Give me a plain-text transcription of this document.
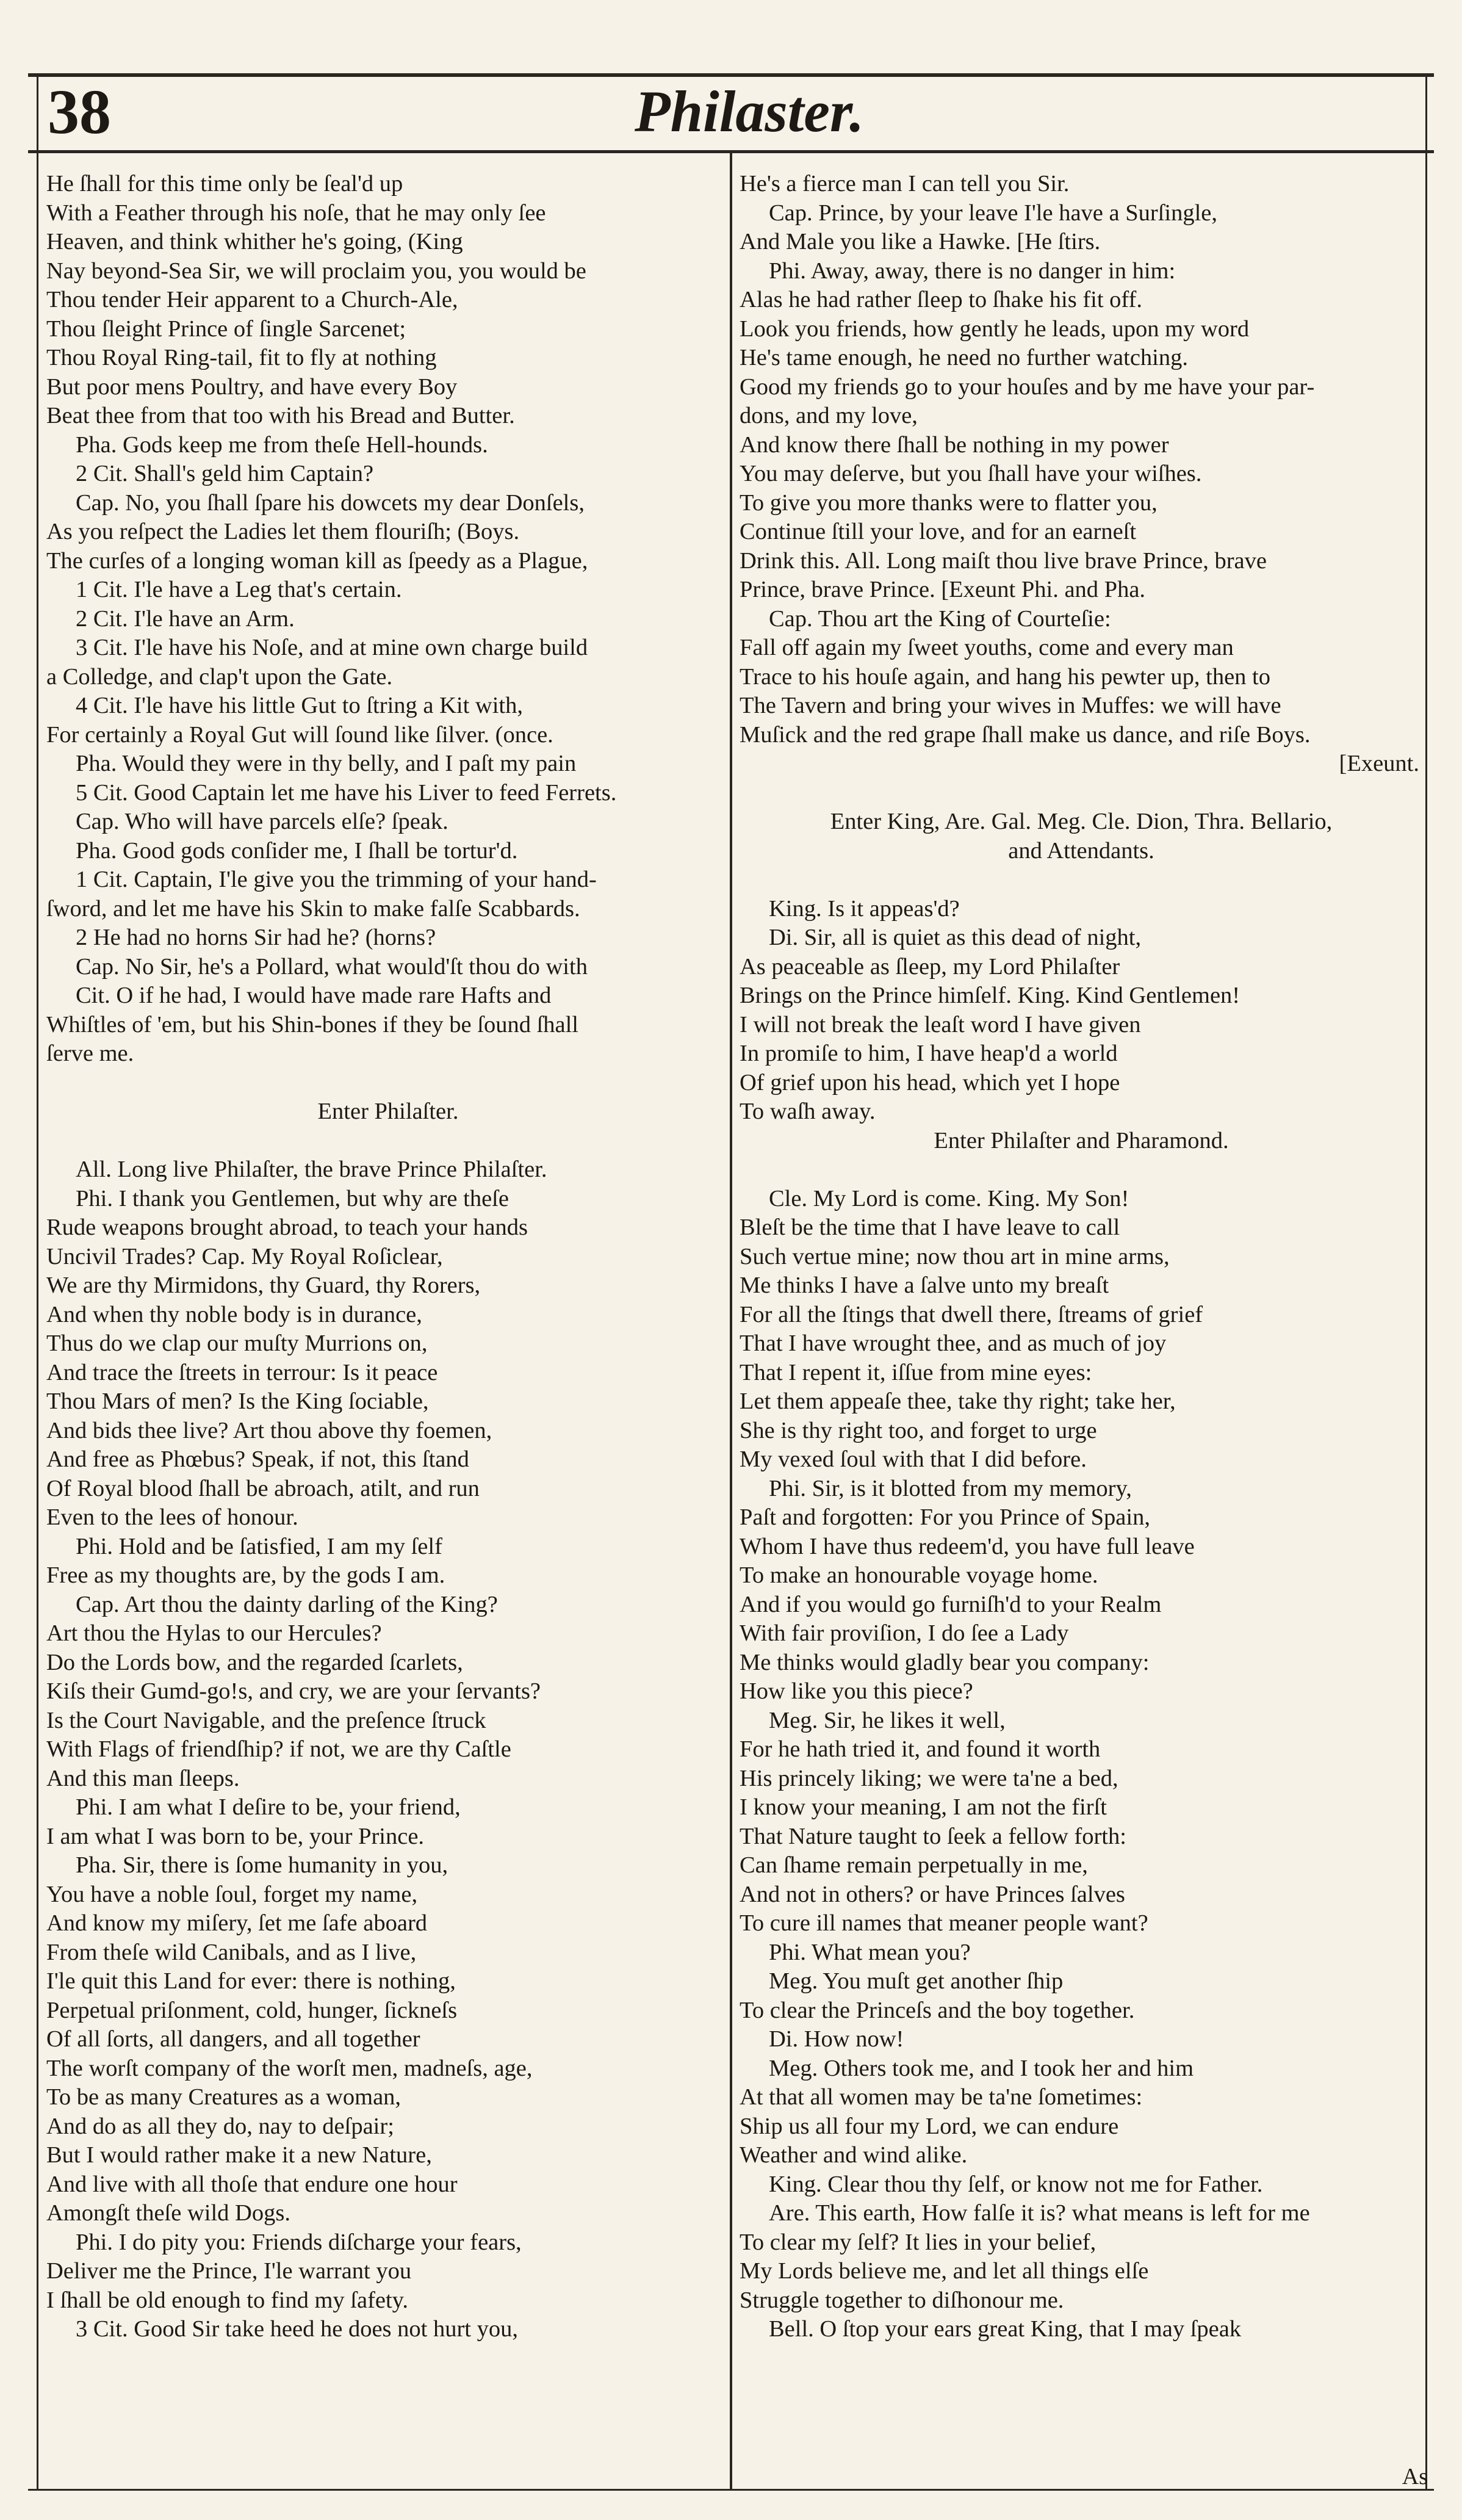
38	Philaster.
He ſhall for this time only be ſeal'd up
With a Feather through his noſe, that he may only ſee
Heaven, and think whither he's going, (King
Nay beyond-Sea Sir, we will proclaim you, you would be
Thou tender Heir apparent to a Church-Ale,
Thou ſleight Prince of ſingle Sarcenet;
Thou Royal Ring-tail, fit to fly at nothing
But poor mens Poultry, and have every Boy
Beat thee from that too with his Bread and Butter.
Pha. Gods keep me from theſe Hell-hounds.
2 Cit. Shall's geld him Captain?
Cap. No, you ſhall ſpare his dowcets my dear Donſels,
As you reſpect the Ladies let them flouriſh; (Boys.
The curſes of a longing woman kill as ſpeedy as a Plague,
1 Cit. I'le have a Leg that's certain.
2 Cit. I'le have an Arm.
3 Cit. I'le have his Noſe, and at mine own charge build
a Colledge, and clap't upon the Gate.
4 Cit. I'le have his little Gut to ſtring a Kit with,
For certainly a Royal Gut will ſound like ſilver. (once.
Pha. Would they were in thy belly, and I paſt my pain
5 Cit. Good Captain let me have his Liver to feed Ferrets.
Cap. Who will have parcels elſe? ſpeak.
Pha. Good gods conſider me, I ſhall be tortur'd.
1 Cit. Captain, I'le give you the trimming of your hand-
ſword, and let me have his Skin to make falſe Scabbards.
2 He had no horns Sir had he? (horns?
Cap. No Sir, he's a Pollard, what would'ſt thou do with
Cit. O if he had, I would have made rare Hafts and
Whiſtles of 'em, but his Shin-bones if they be ſound ſhall
ſerve me.
Enter Philaſter.
All. Long live Philaſter, the brave Prince Philaſter.
Phi. I thank you Gentlemen, but why are theſe
Rude weapons brought abroad, to teach your hands
Uncivil Trades? Cap. My Royal Roſiclear,
We are thy Mirmidons, thy Guard, thy Rorers,
And when thy noble body is in durance,
Thus do we clap our muſty Murrions on,
And trace the ſtreets in terrour: Is it peace
Thou Mars of men? Is the King ſociable,
And bids thee live? Art thou above thy foemen,
And free as Phœbus? Speak, if not, this ſtand
Of Royal blood ſhall be abroach, atilt, and run
Even to the lees of honour.
Phi. Hold and be ſatisfied, I am my ſelf
Free as my thoughts are, by the gods I am.
Cap. Art thou the dainty darling of the King?
Art thou the Hylas to our Hercules?
Do the Lords bow, and the regarded ſcarlets,
Kiſs their Gumd-go!s, and cry, we are your ſervants?
Is the Court Navigable, and the preſence ſtruck
With Flags of friendſhip? if not, we are thy Caſtle
And this man ſleeps.
Phi. I am what I deſire to be, your friend,
I am what I was born to be, your Prince.
Pha. Sir, there is ſome humanity in you,
You have a noble ſoul, forget my name,
And know my miſery, ſet me ſafe aboard
From theſe wild Canibals, and as I live,
I'le quit this Land for ever: there is nothing,
Perpetual priſonment, cold, hunger, ſickneſs
Of all ſorts, all dangers, and all together
The worſt company of the worſt men, madneſs, age,
To be as many Creatures as a woman,
And do as all they do, nay to deſpair;
But I would rather make it a new Nature,
And live with all thoſe that endure one hour
Amongſt theſe wild Dogs.
Phi. I do pity you: Friends diſcharge your fears,
Deliver me the Prince, I'le warrant you
I ſhall be old enough to find my ſafety.
3 Cit. Good Sir take heed he does not hurt you,
He's a fierce man I can tell you Sir.
Cap. Prince, by your leave I'le have a Surſingle,
And Male you like a Hawke. [He ſtirs.
Phi. Away, away, there is no danger in him:
Alas he had rather ſleep to ſhake his fit off.
Look you friends, how gently he leads, upon my word
He's tame enough, he need no further watching.
Good my friends go to your houſes and by me have your par-
dons, and my love,
And know there ſhall be nothing in my power
You may deſerve, but you ſhall have your wiſhes.
To give you more thanks were to flatter you,
Continue ſtill your love, and for an earneſt
Drink this. All. Long maiſt thou live brave Prince, brave
Prince, brave Prince. [Exeunt Phi. and Pha.
Cap. Thou art the King of Courteſie:
Fall off again my ſweet youths, come and every man
Trace to his houſe again, and hang his pewter up, then to
The Tavern and bring your wives in Muffes: we will have
Muſick and the red grape ſhall make us dance, and riſe Boys.
[Exeunt.
Enter King, Are. Gal. Meg. Cle. Dion, Thra. Bellario,
and Attendants.
King. Is it appeas'd?
Di. Sir, all is quiet as this dead of night,
As peaceable as ſleep, my Lord Philaſter
Brings on the Prince himſelf. King. Kind Gentlemen!
I will not break the leaſt word I have given
In promiſe to him, I have heap'd a world
Of grief upon his head, which yet I hope
To waſh away.
Enter Philaſter and Pharamond.
Cle. My Lord is come. King. My Son!
Bleſt be the time that I have leave to call
Such vertue mine; now thou art in mine arms,
Me thinks I have a ſalve unto my breaſt
For all the ſtings that dwell there, ſtreams of grief
That I have wrought thee, and as much of joy
That I repent it, iſſue from mine eyes:
Let them appeaſe thee, take thy right; take her,
She is thy right too, and forget to urge
My vexed ſoul with that I did before.
Phi. Sir, is it blotted from my memory,
Paſt and forgotten: For you Prince of Spain,
Whom I have thus redeem'd, you have full leave
To make an honourable voyage home.
And if you would go furniſh'd to your Realm
With fair proviſion, I do ſee a Lady
Me thinks would gladly bear you company:
How like you this piece?
Meg. Sir, he likes it well,
For he hath tried it, and found it worth
His princely liking; we were ta'ne a bed,
I know your meaning, I am not the firſt
That Nature taught to ſeek a fellow forth:
Can ſhame remain perpetually in me,
And not in others? or have Princes ſalves
To cure ill names that meaner people want?
Phi. What mean you?
Meg. You muſt get another ſhip
To clear the Princeſs and the boy together.
Di. How now!
Meg. Others took me, and I took her and him
At that all women may be ta'ne ſometimes:
Ship us all four my Lord, we can endure
Weather and wind alike.
King. Clear thou thy ſelf, or know not me for Father.
Are. This earth, How falſe it is? what means is left for me
To clear my ſelf? It lies in your belief,
My Lords believe me, and let all things elſe
Struggle together to diſhonour me.
Bell. O ſtop your ears great King, that I may ſpeak
As
